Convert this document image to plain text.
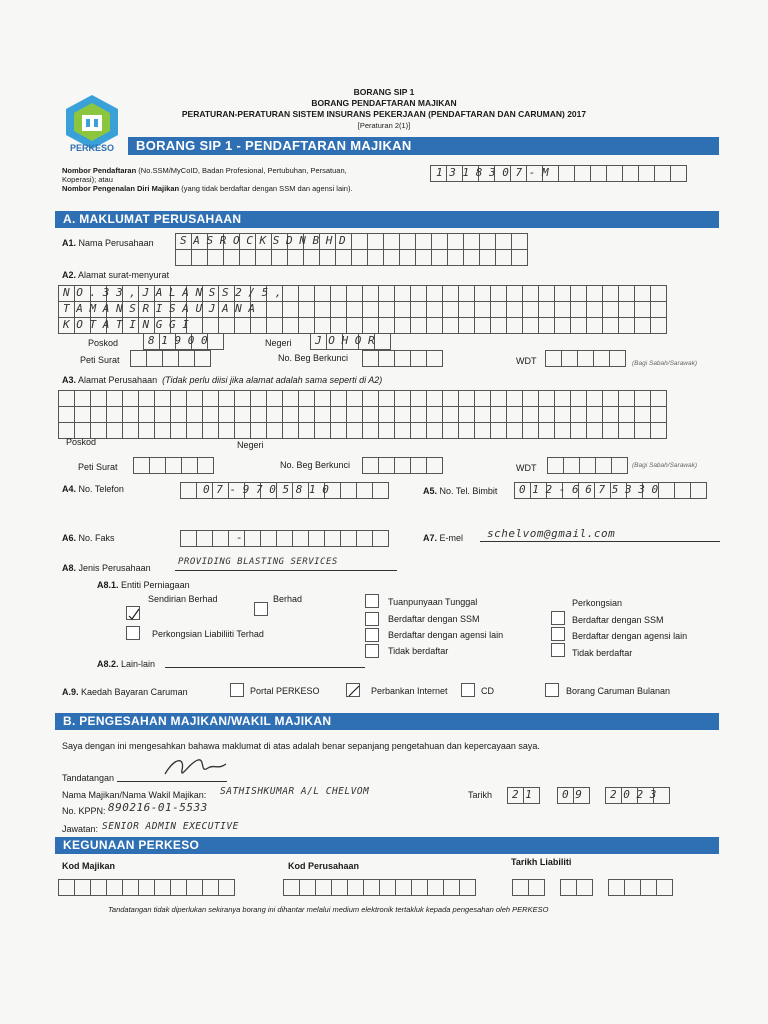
BORANG SIP 1
BORANG PENDAFTARAN MAJIKAN
PERATURAN-PERATURAN SISTEM INSURANS PEKERJAAN (PENDAFTARAN DAN CARUMAN) 2017
[Peraturan 2(1)]
PERKESO	BORANG SIP 1 - PENDAFTARAN MAJIKAN
Nombor Pendaftaran (No.SSM/MyCoID, Badan Profesional, Pertubuhan, Persatuan,
Koperasi); atau
Nombor Pengenalan Diri Majikan (yang tidak berdaftar dengan SSM dan agensi lain).
1 3 1 8 3 0 7 - M
A. MAKLUMAT PERUSAHAAN
A1. Nama Perusahaan S A S R O C K S D N B H D
A2. Alamat surat-menyurat
N O . 3 3 , J A L A N S S 2 / 5 ,
T A M A N S R I S A U J A N A
K O T A T I N G G I
Poskod	8 1 9 0 0	Negeri J O H O R
Peti Surat	No. Beg Berkunci	WDT	(Bagi Sabah/Sarawak)
A3. Alamat Perusahaan (Tidak perlu diisi jika alamat adalah sama seperti di A2)
Poskod	Negeri
Peti Surat	No. Beg Berkunci	WDT	(Bagi Sabah/Sarawak)
A4. No. Telefon	0 7 - 9 7 0 5 8 1 0	A5. No. Tel. Bimbit 0 1 2 - 6 6 7 5 3 3 0
A6. No. Faks	-	A7. E-mel schelvom@gmail.com
A8. Jenis Perusahaan
PROVIDING BLASTING SERVICES
A8.1. Entiti Perniagaan
Sendirian Berhad	Berhad
Perkongsian Liabiliiti Terhad
Tuanpunyaan Tunggal
Berdaftar dengan SSM
Berdaftar dengan agensi lain
Tidak berdaftar
Perkongsian
Berdaftar dengan SSM
Berdaftar dengan agensi lain
Tidak berdaftar
A8.2. Lain-lain
A.9. Kaedah Bayaran Caruman	Portal PERKESO	Perbankan Internet	CD	Borang Caruman Bulanan
B. PENGESAHAN MAJIKAN/WAKIL MAJIKAN
Saya dengan ini mengesahkan bahawa maklumat di atas adalah benar sepanjang pengetahuan dan kepercayaan saya.
Tandatangan
Nama Majikan/Nama Wakil Majikan: SATHISHKUMAR A/L CHELVOM
No. KPPN: 890216-01-5533
Jawatan: SENIOR ADMIN EXECUTIVE
Tarikh 2 1	0 9	2 0 2 3
KEGUNAAN PERKESO
Kod Majikan	Kod Perusahaan	Tarikh Liabiliti
Tandatangan tidak diperlukan sekiranya borang ini dihantar melalui medium elektronik tertakluk kepada pengesahan oleh PERKESO
